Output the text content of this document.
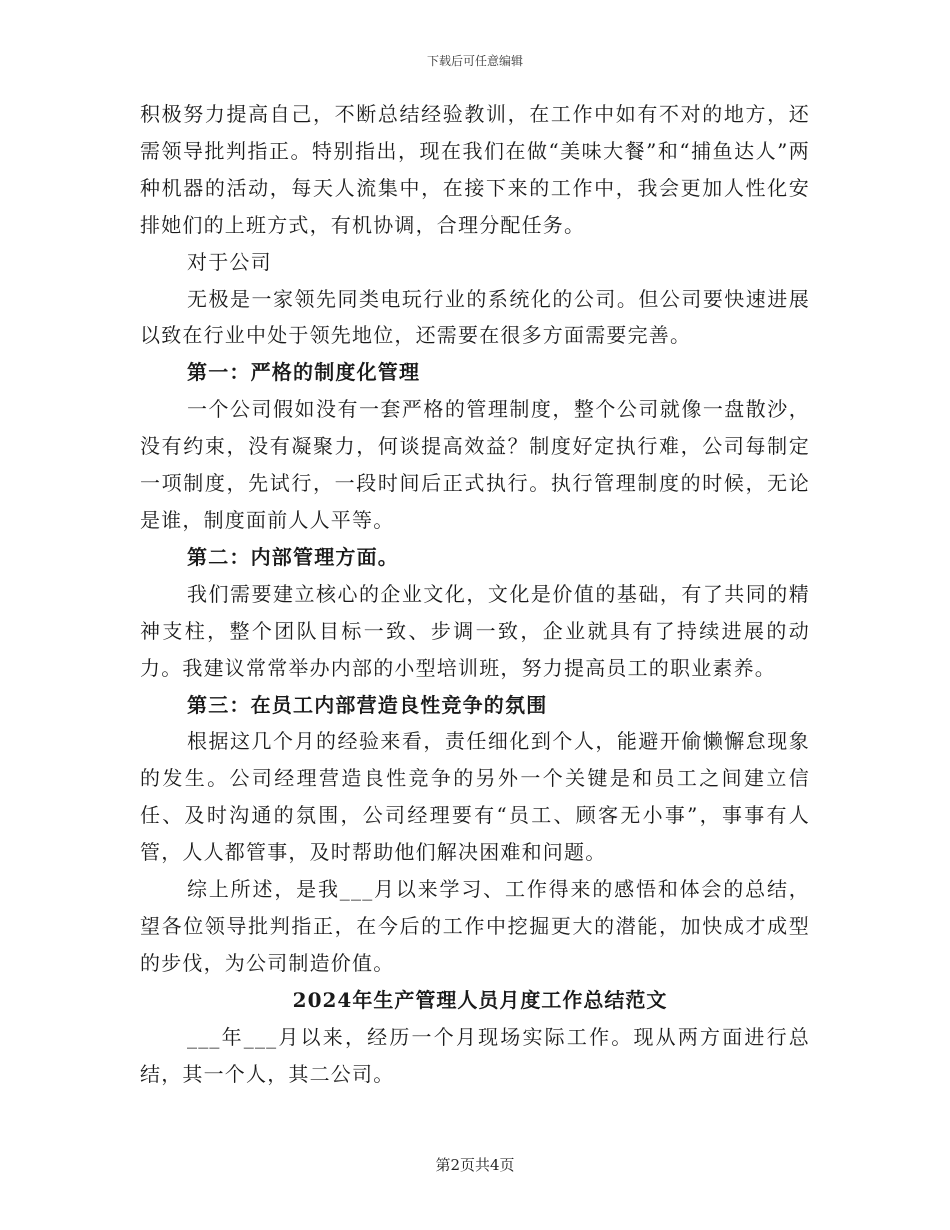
下载后可任意编辑

积极努力提高自己，不断总结经验教训，在工作中如有不对的地方，还需领导批判指正。特别指出，现在我们在做“美味大餐”和“捕鱼达人”两种机器的活动，每天人流集中，在接下来的工作中，我会更加人性化安排她们的上班方式，有机协调，合理分配任务。

对于公司

无极是一家领先同类电玩行业的系统化的公司。但公司要快速进展以致在行业中处于领先地位，还需要在很多方面需要完善。

第一：严格的制度化管理

一个公司假如没有一套严格的管理制度，整个公司就像一盘散沙，没有约束，没有凝聚力，何谈提高效益？制度好定执行难，公司每制定一项制度，先试行，一段时间后正式执行。执行管理制度的时候，无论是谁，制度面前人人平等。

第二：内部管理方面。

我们需要建立核心的企业文化，文化是价值的基础，有了共同的精神支柱，整个团队目标一致、步调一致，企业就具有了持续进展的动力。我建议常常举办内部的小型培训班，努力提高员工的职业素养。

第三：在员工内部营造良性竞争的氛围

根据这几个月的经验来看，责任细化到个人，能避开偷懒懈怠现象的发生。公司经理营造良性竞争的另外一个关键是和员工之间建立信任、及时沟通的氛围，公司经理要有“员工、顾客无小事”，事事有人管，人人都管事，及时帮助他们解决困难和问题。

综上所述，是我___月以来学习、工作得来的感悟和体会的总结，望各位领导批判指正，在今后的工作中挖掘更大的潜能，加快成才成型的步伐，为公司制造价值。

2024年生产管理人员月度工作总结范文

___年___月以来，经历一个月现场实际工作。现从两方面进行总结，其一个人，其二公司。

第2页共4页
